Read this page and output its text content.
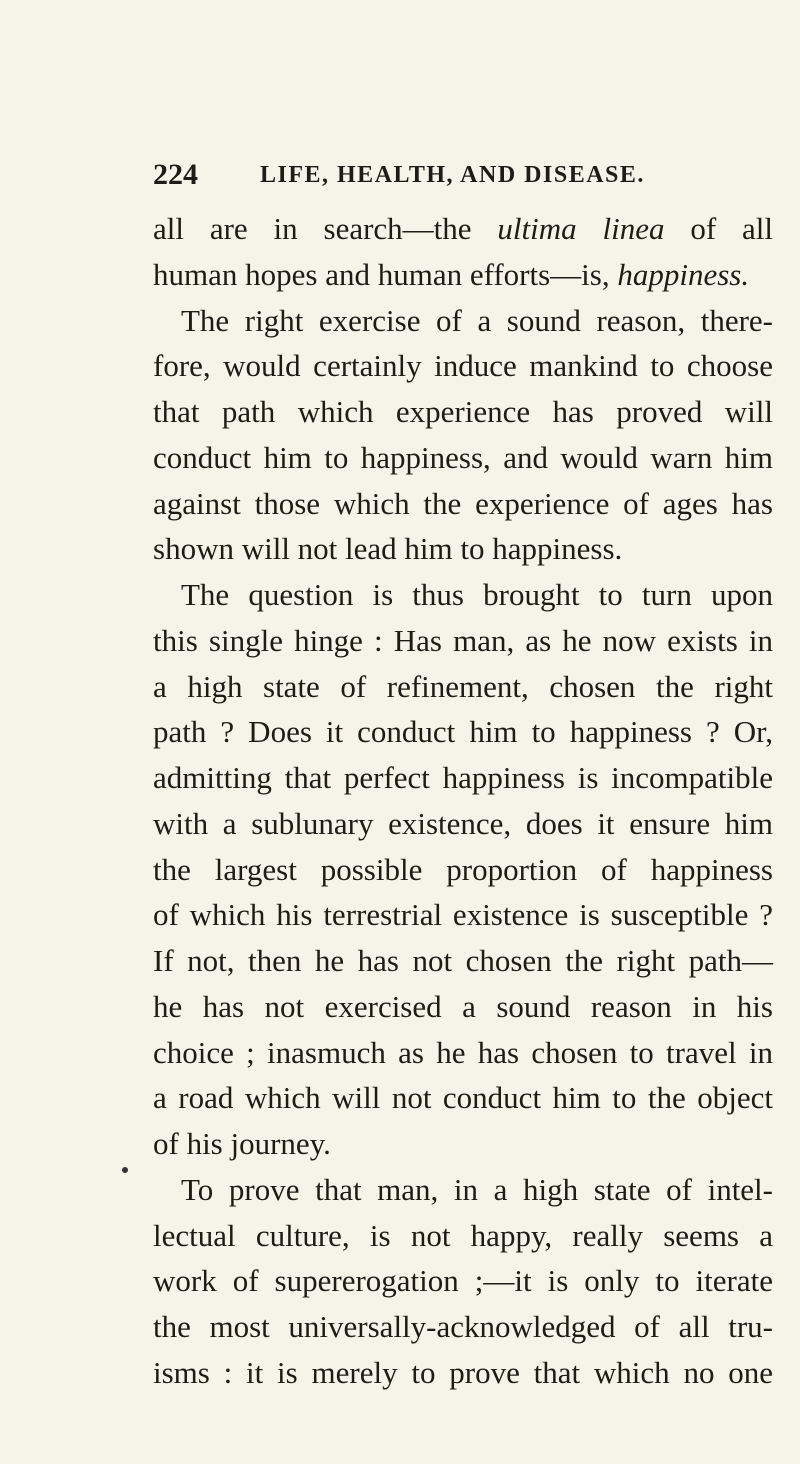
224	LIFE, HEALTH, AND DISEASE.
all are in search—the ultima linea of all
human hopes and human efforts—is, happiness.
The right exercise of a sound reason, there-
fore, would certainly induce mankind to choose
that path which experience has proved will
conduct him to happiness, and would warn him
against those which the experience of ages has
shown will not lead him to happiness.
The question is thus brought to turn upon
this single hinge : Has man, as he now exists in
a high state of refinement, chosen the right
path ? Does it conduct him to happiness ? Or,
admitting that perfect happiness is incompatible
with a sublunary existence, does it ensure him
the largest possible proportion of happiness
of which his terrestrial existence is susceptible ?
If not, then he has not chosen the right path—
he has not exercised a sound reason in his
choice ; inasmuch as he has chosen to travel in
a road which will not conduct him to the object
of his journey.
To prove that man, in a high state of intel-
lectual culture, is not happy, really seems a
work of supererogation ;—it is only to iterate
the most universally-acknowledged of all tru-
isms : it is merely to prove that which no one
